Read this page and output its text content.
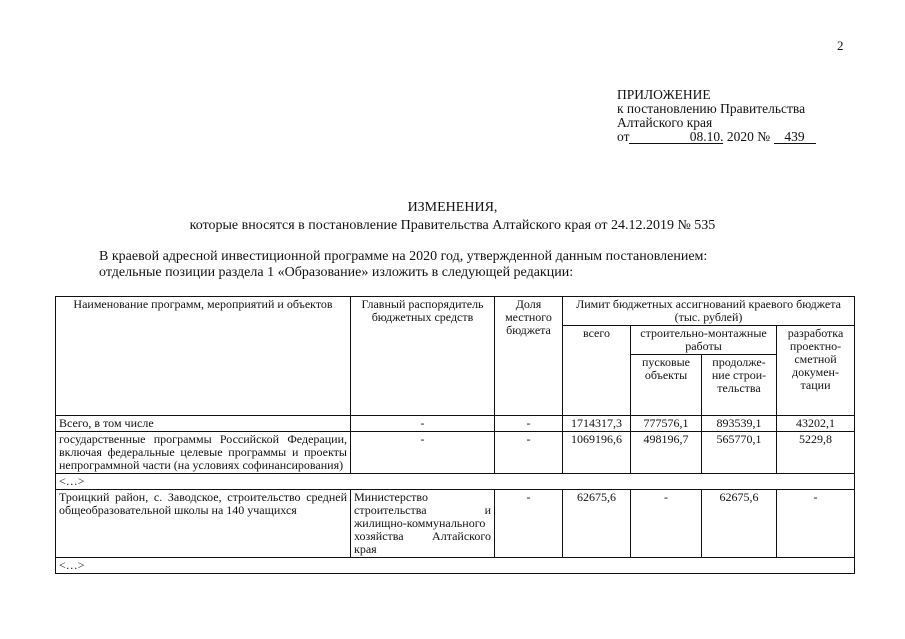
2
ПРИЛОЖЕНИЕ
к постановлению Правительства
Алтайского края
от	08.10. 2020 № 439
ИЗМЕНЕНИЯ,
которые вносятся в постановление Правительства Алтайского края от 24.12.2019 № 535
В краевой адресной инвестиционной программе на 2020 год, утвержденной данным постановлением:
отдельные позиции раздела 1 «Образование» изложить в следующей редакции:
Наименование программ, мероприятий и объектов	Главный распорядитель бюджетных средств	Доля местного бюджета	Лимит бюджетных ассигнований краевого бюджета (тыс. рублей)			
			всего	строительно-монтажные работы		разработка проектно-сметной докумен-тации
				пусковые объекты	продолже-ние строи-тельства	
Всего, в том числе	-	-	1714317,3	777576,1	893539,1	43202,1
государственные программы Российской Федерации, включая федеральные целевые программы и проекты непрограммной части (на условиях софинансирования)	-	-	1069196,6	498196,7	565770,1	5229,8
<…>						
Троицкий район, с. Заводское, строительство средней общеобразовательной школы на 140 учащихся	Министерство строительства и жилищно-коммунального хозяйства Алтайского края	-	62675,6	-	62675,6	-
<…>						
